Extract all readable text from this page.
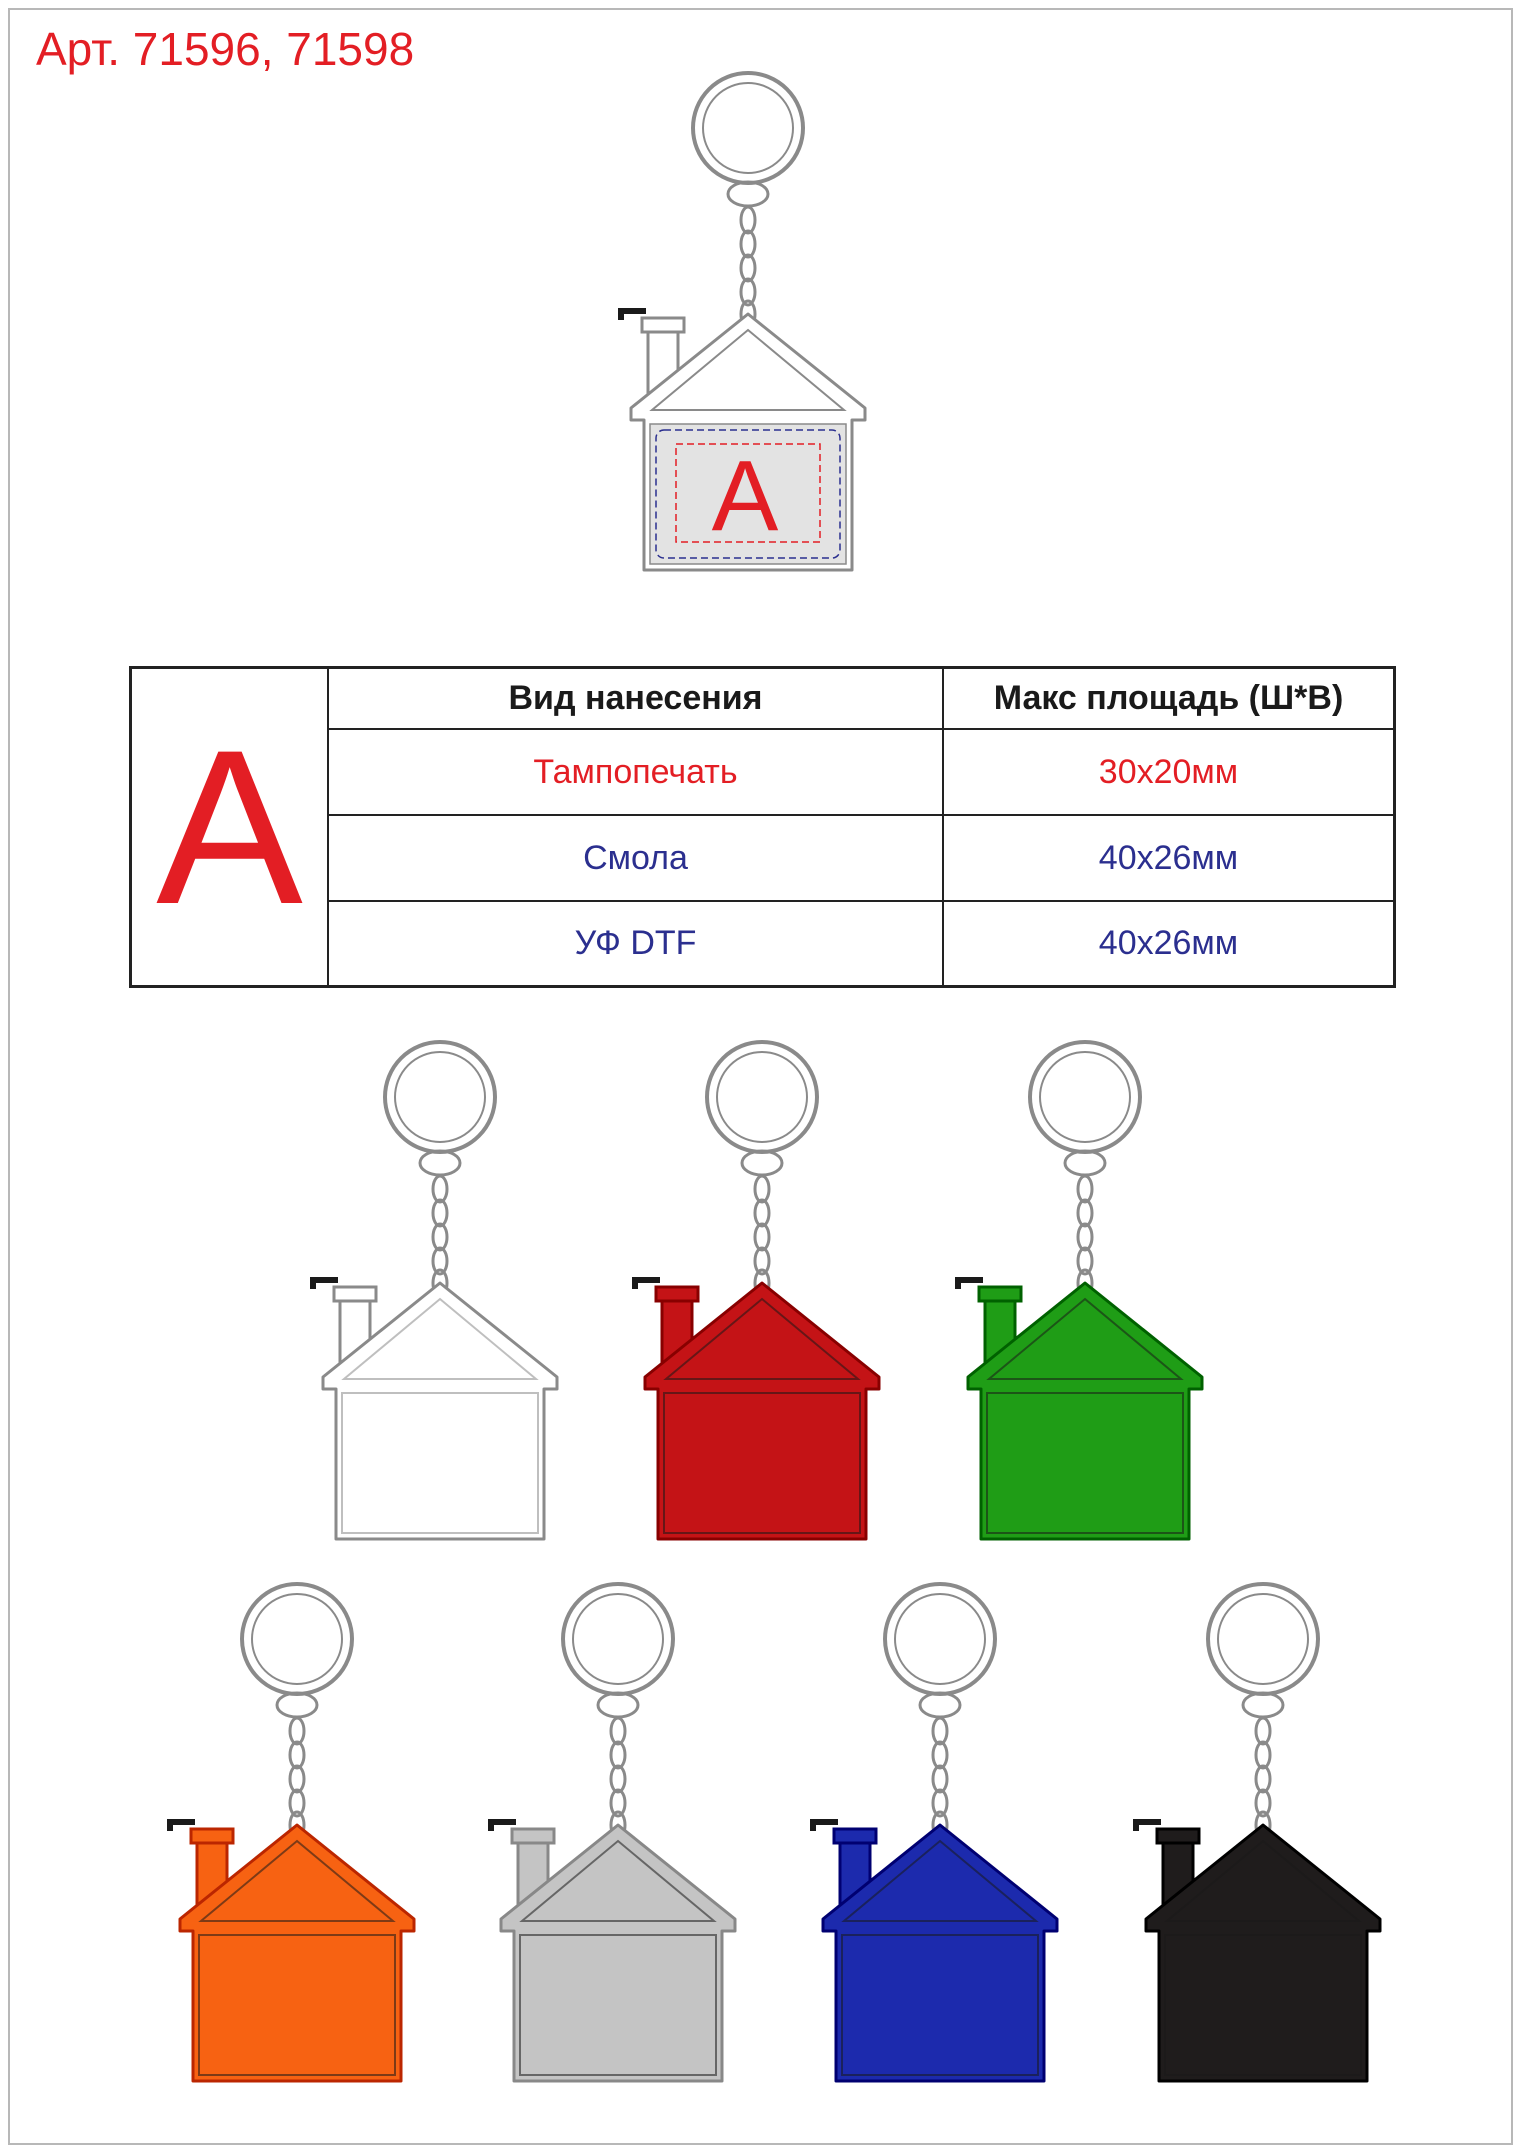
Арт. 71596, 71598
A
A
Вид нанесения	Макс площадь (Ш*В)
Тампопечать	30x20мм
Смола	40x26мм
УФ DTF	40x26мм
